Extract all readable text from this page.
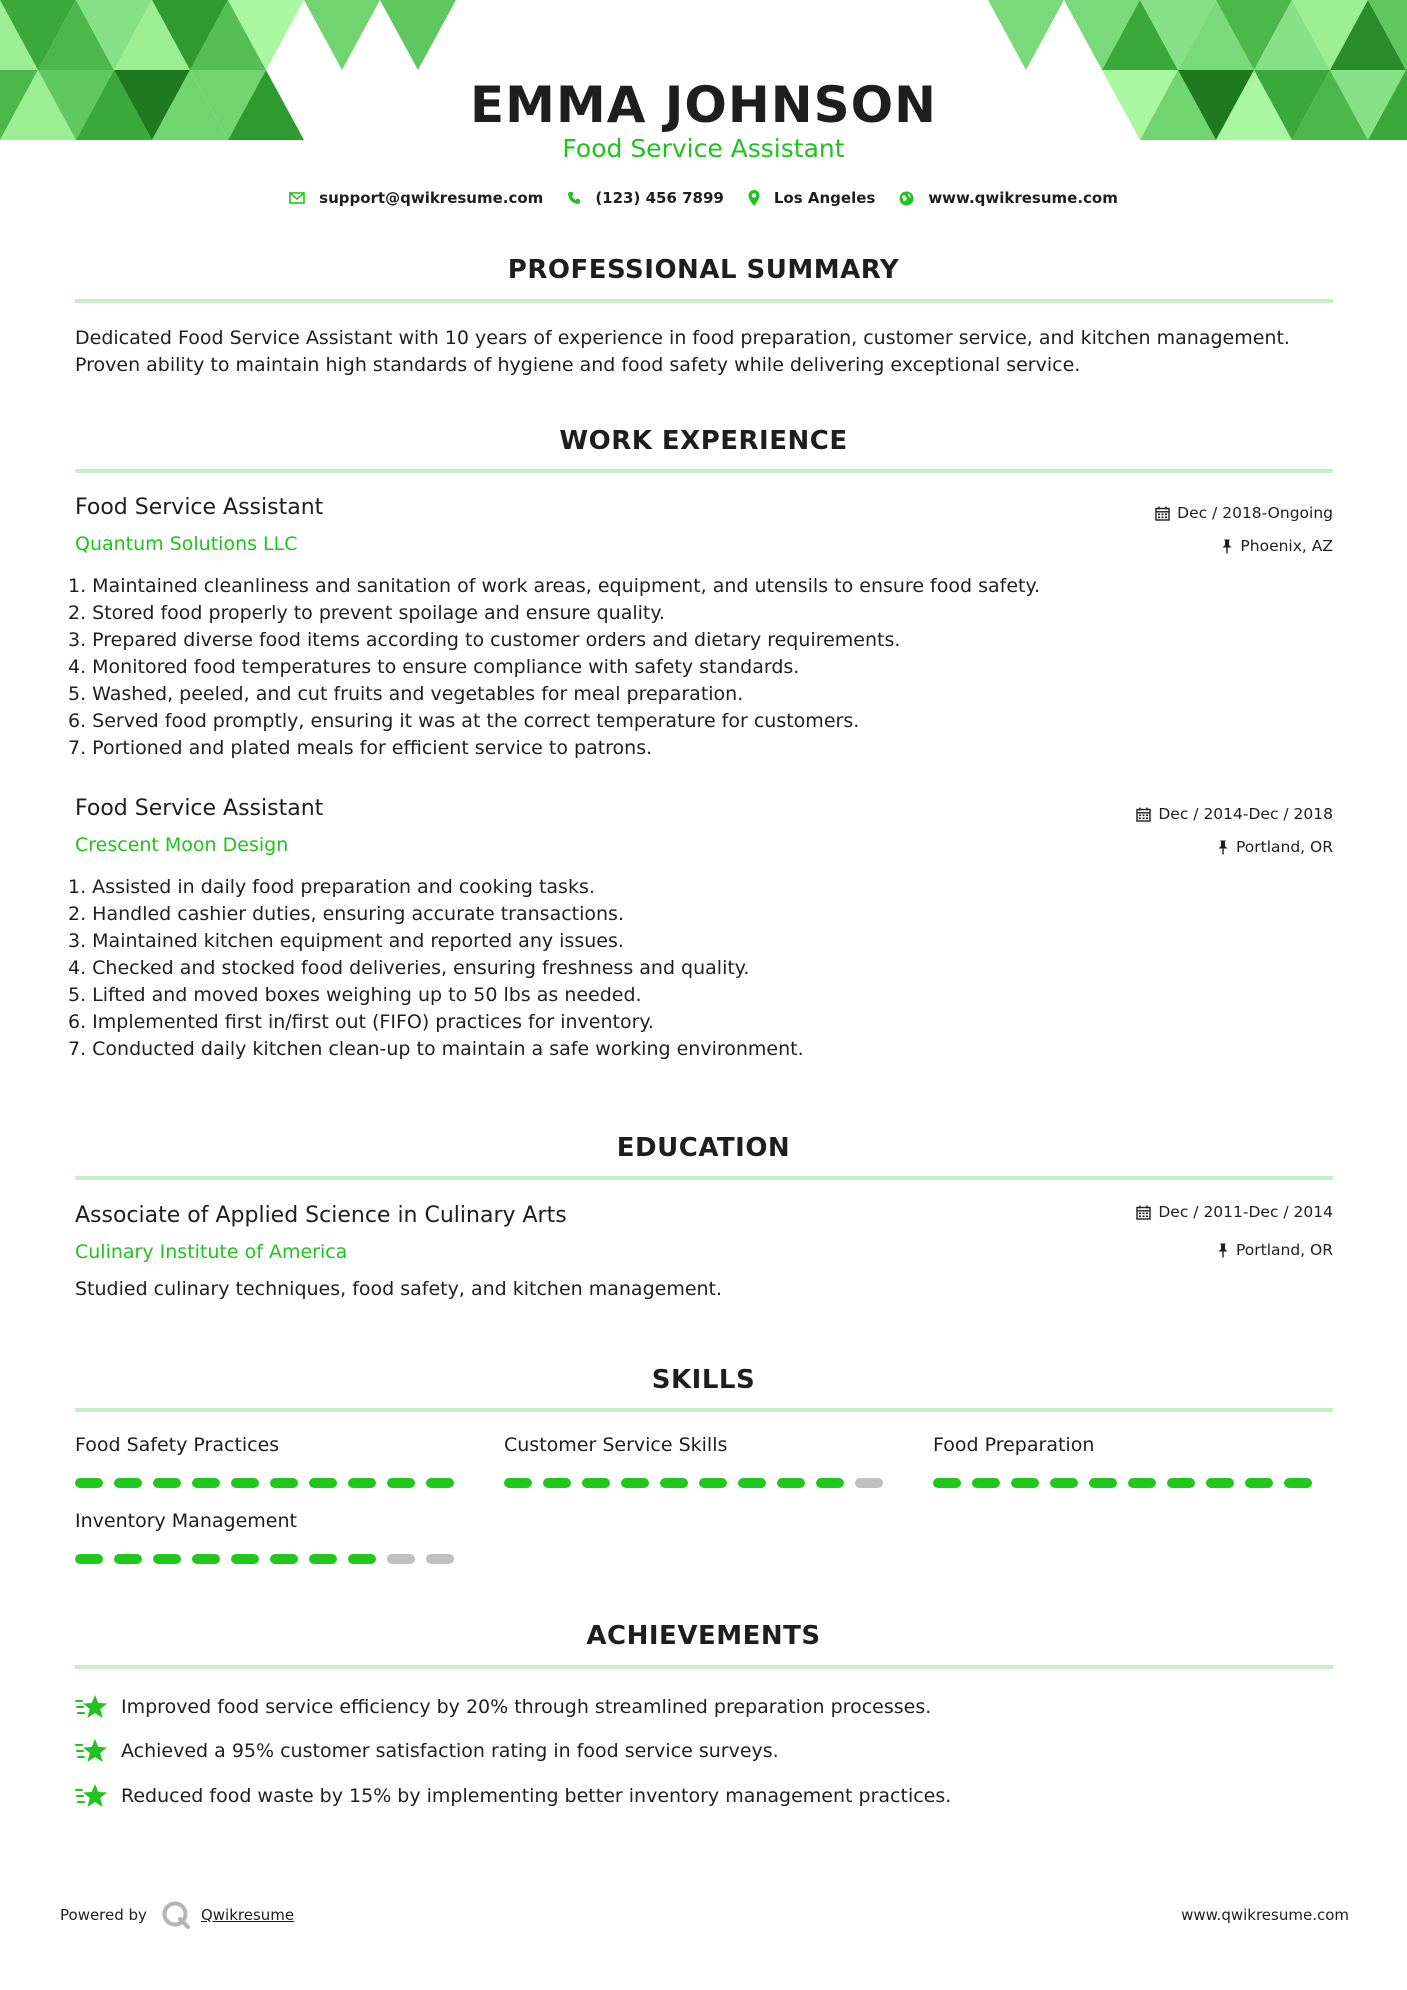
EMMA JOHNSON
Food Service Assistant
support@qwikresume.com	(123) 456 7899	Los Angeles	www.qwikresume.com
PROFESSIONAL SUMMARY
Dedicated Food Service Assistant with 10 years of experience in food preparation, customer service, and kitchen management. Proven ability to maintain high standards of hygiene and food safety while delivering exceptional service.
WORK EXPERIENCE
Food Service Assistant	Dec / 2018-Ongoing
Quantum Solutions LLC	Phoenix, AZ
1. Maintained cleanliness and sanitation of work areas, equipment, and utensils to ensure food safety.
2. Stored food properly to prevent spoilage and ensure quality.
3. Prepared diverse food items according to customer orders and dietary requirements.
4. Monitored food temperatures to ensure compliance with safety standards.
5. Washed, peeled, and cut fruits and vegetables for meal preparation.
6. Served food promptly, ensuring it was at the correct temperature for customers.
7. Portioned and plated meals for efficient service to patrons.
Food Service Assistant	Dec / 2014-Dec / 2018
Crescent Moon Design	Portland, OR
1. Assisted in daily food preparation and cooking tasks.
2. Handled cashier duties, ensuring accurate transactions.
3. Maintained kitchen equipment and reported any issues.
4. Checked and stocked food deliveries, ensuring freshness and quality.
5. Lifted and moved boxes weighing up to 50 lbs as needed.
6. Implemented first in/first out (FIFO) practices for inventory.
7. Conducted daily kitchen clean-up to maintain a safe working environment.
EDUCATION
Associate of Applied Science in Culinary Arts	Dec / 2011-Dec / 2014
Culinary Institute of America	Portland, OR
Studied culinary techniques, food safety, and kitchen management.
SKILLS
Food Safety Practices	Customer Service Skills	Food Preparation
Inventory Management
ACHIEVEMENTS
Improved food service efficiency by 20% through streamlined preparation processes.
Achieved a 95% customer satisfaction rating in food service surveys.
Reduced food waste by 15% by implementing better inventory management practices.
Powered by	Qwikresume	www.qwikresume.com
